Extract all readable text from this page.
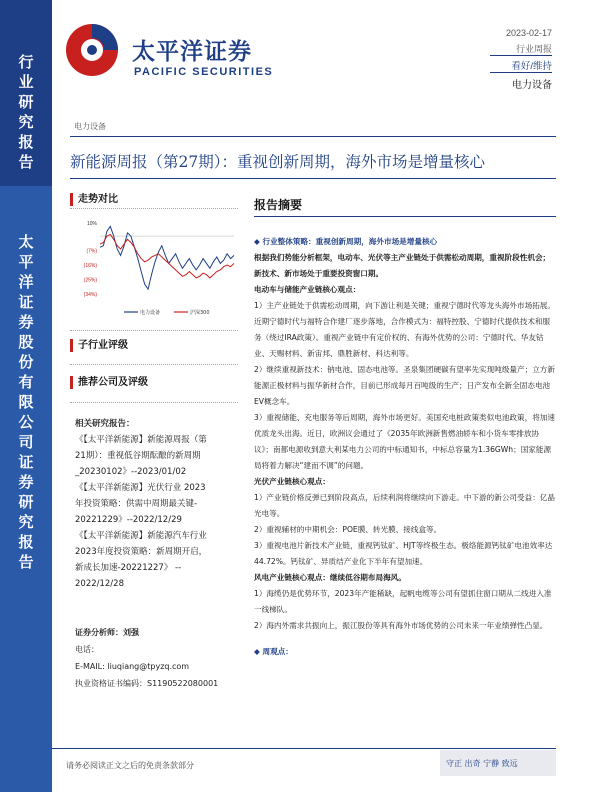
行业研究报告
太平洋证券股份有限公司证券研究报告
太平洋证券
PACIFIC SECURITIES
2023-02-17
行业周报
看好/维持
电力设备
电力设备
新能源周报（第27期）：重视创新周期，海外市场是增量核心
走势对比
10%
(7%)
(16%)
(25%)
(34%)
电力设备	沪深300
子行业评级
推荐公司及评级
相关研究报告：
《【太平洋新能源】新能源周报（第
21期）：重视低谷期酝酿的新周期
_20230102》--2023/01/02
《【太平洋新能源】光伏行业 2023
年投资策略：供需中周期最关键-
20221229》--2022/12/29
《【太平洋新能源】新能源汽车行业
2023年度投资策略：新周期开启，
新成长加速-20221227》 --
2022/12/28
证券分析师：刘强
电话：
E-MAIL: liuqiang@tpyzq.com
执业资格证书编码：S1190522080001
报告摘要

◆ 行业整体策略：重视创新周期，海外市场是增量核心

根据我们势能分析框架，电动车、光伏等主产业链处于供需松动周期，重视阶段性机会；新技术、新市场处于重要投资窗口期。

电动车与储能产业链核心观点：

1）主产业链处于供需松动周期，向下游让利是关键；重视宁德时代等龙头海外市场拓展。近期宁德时代与福特合作建厂逐步落地，合作模式为：福特控股、宁德时代提供技术和服务（绕过IRA政策）。重视产业链中有定价权的、有海外优势的公司：宁德时代、华友钴业、天赐材料、新宙邦、鼎胜新材、科达利等。

2）继续重视新技术：钠电池、固态电池等。圣泉集团硬碳有望率先实现吨级量产；立方新能源正极材料与振华新材合作，目前已形成每月百吨级的生产；日产发布全新全固态电池EV概念车。

3）重视储能、充电服务等后周期，海外市场更好。美国充电桩政策类似电池政策，将加速优质龙头出海。近日，欧洲议会通过了《2035年欧洲新售燃油轿车和小货车零排放协议》；南都电源收到意大利某电力公司的中标通知书，中标总容量为1.36GWh；国家能源局将着力解决“建而不调”的问题。

光伏产业链核心观点：

1）产业链价格反弹已到阶段高点，后续利润将继续向下游走。中下游的新公司受益：亿晶光电等。

2）重视辅材的中期机会：POE膜、转光膜、接线盒等。

3）重视电池片新技术产业链，重视钙钛矿、HJT等终极生态。极络能源钙钛矿电池效率达44.72%。钙钛矿、异质结产业化下半年有望加速。

风电产业链核心观点：继续低谷期布局海风。

1）海缆仍是优势环节，2023年产能稀缺，起帆电缆等公司有望抓住窗口期从二线进入准一线梯队。

2）海内外需求共振向上，振江股份等具有海外市场优势的公司未来一年业绩弹性凸显。

◆ 周观点：

请务必阅读正文之后的免责条款部分	守正 出奇 宁静 致远
